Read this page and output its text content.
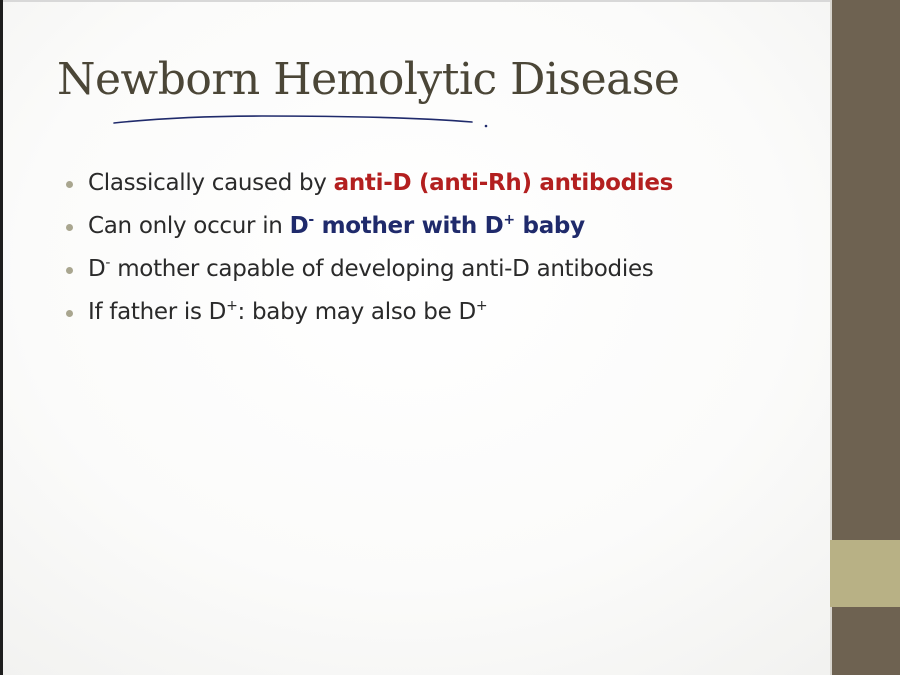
Newborn Hemolytic Disease
Classically caused by anti-D (anti-Rh) antibodies
Can only occur in D- mother with D+ baby
D- mother capable of developing anti-D antibodies
If father is D+: baby may also be D+
